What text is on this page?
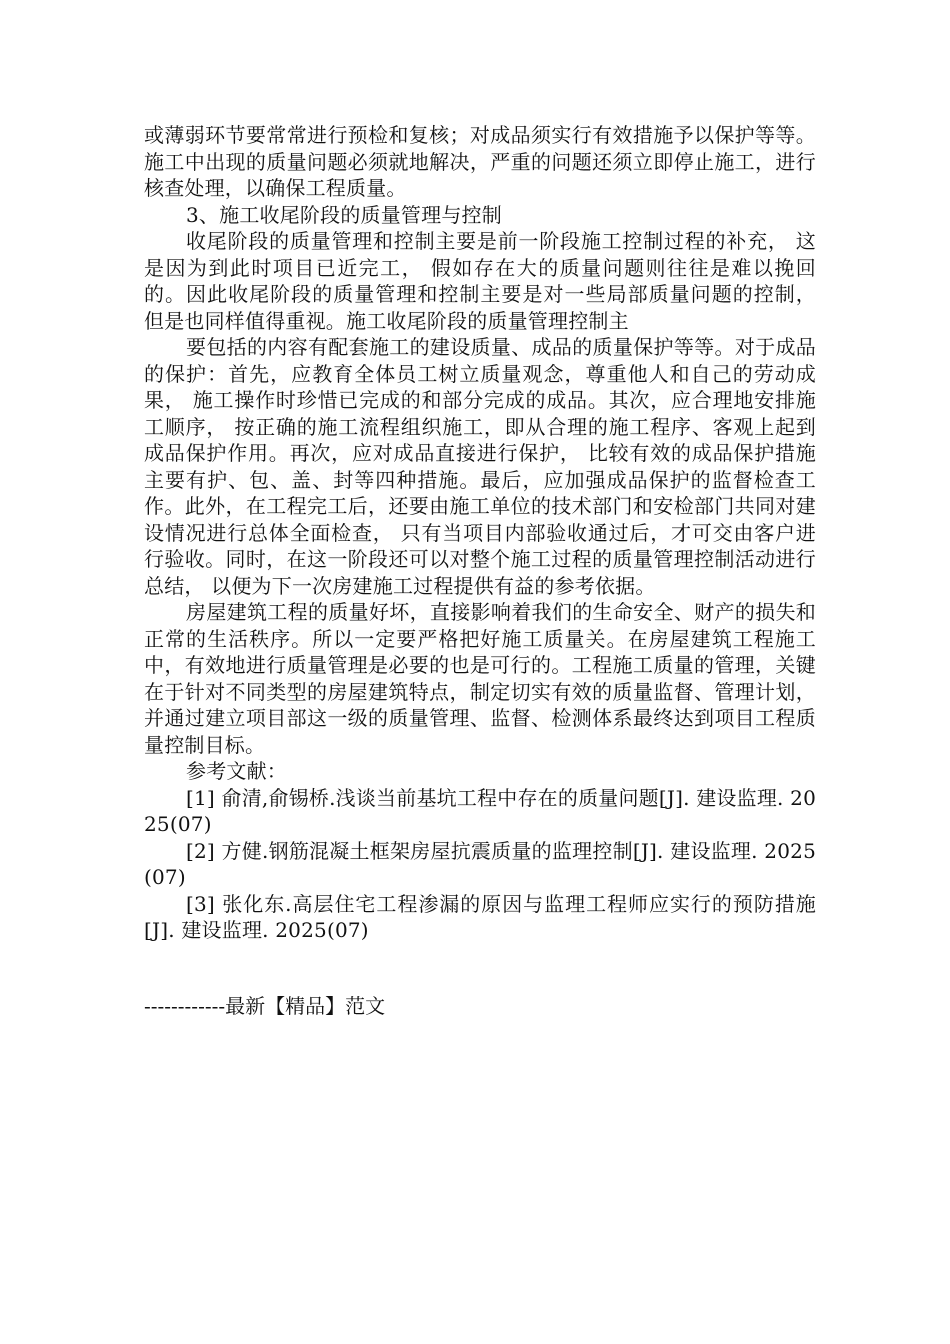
或薄弱环节要常常进行预检和复核；对成品须实行有效措施予以保护等等。施工中出现的质量问题必须就地解决，严重的问题还须立即停止施工，进行核查处理，以确保工程质量。

3、施工收尾阶段的质量管理与控制

收尾阶段的质量管理和控制主要是前一阶段施工控制过程的补充， 这是因为到此时项目已近完工， 假如存在大的质量问题则往往是难以挽回的。因此收尾阶段的质量管理和控制主要是对一些局部质量问题的控制， 但是也同样值得重视。施工收尾阶段的质量管理控制主

要包括的内容有配套施工的建设质量、成品的质量保护等等。对于成品的保护：首先，应教育全体员工树立质量观念，尊重他人和自己的劳动成果， 施工操作时珍惜已完成的和部分完成的成品。其次，应合理地安排施工顺序， 按正确的施工流程组织施工，即从合理的施工程序、客观上起到成品保护作用。再次，应对成品直接进行保护， 比较有效的成品保护措施主要有护、包、盖、封等四种措施。最后，应加强成品保护的监督检查工作。此外，在工程完工后，还要由施工单位的技术部门和安检部门共同对建设情况进行总体全面检查， 只有当项目内部验收通过后，才可交由客户进行验收。同时，在这一阶段还可以对整个施工过程的质量管理控制活动进行总结， 以便为下一次房建施工过程提供有益的参考依据。

房屋建筑工程的质量好坏，直接影响着我们的生命安全、财产的损失和正常的生活秩序。所以一定要严格把好施工质量关。在房屋建筑工程施工中，有效地进行质量管理是必要的也是可行的。工程施工质量的管理，关键在于针对不同类型的房屋建筑特点，制定切实有效的质量监督、管理计划，并通过建立项目部这一级的质量管理、监督、检测体系最终达到项目工程质量控制目标。

参考文献：

[1] 俞清,俞锡桥.浅谈当前基坑工程中存在的质量问题[J]. 建设监理. 2025(07)

[2] 方健.钢筋混凝土框架房屋抗震质量的监理控制[J]. 建设监理. 2025(07)

[3] 张化东.高层住宅工程渗漏的原因与监理工程师应实行的预防措施[J]. 建设监理. 2025(07)

------------最新【精品】范文
